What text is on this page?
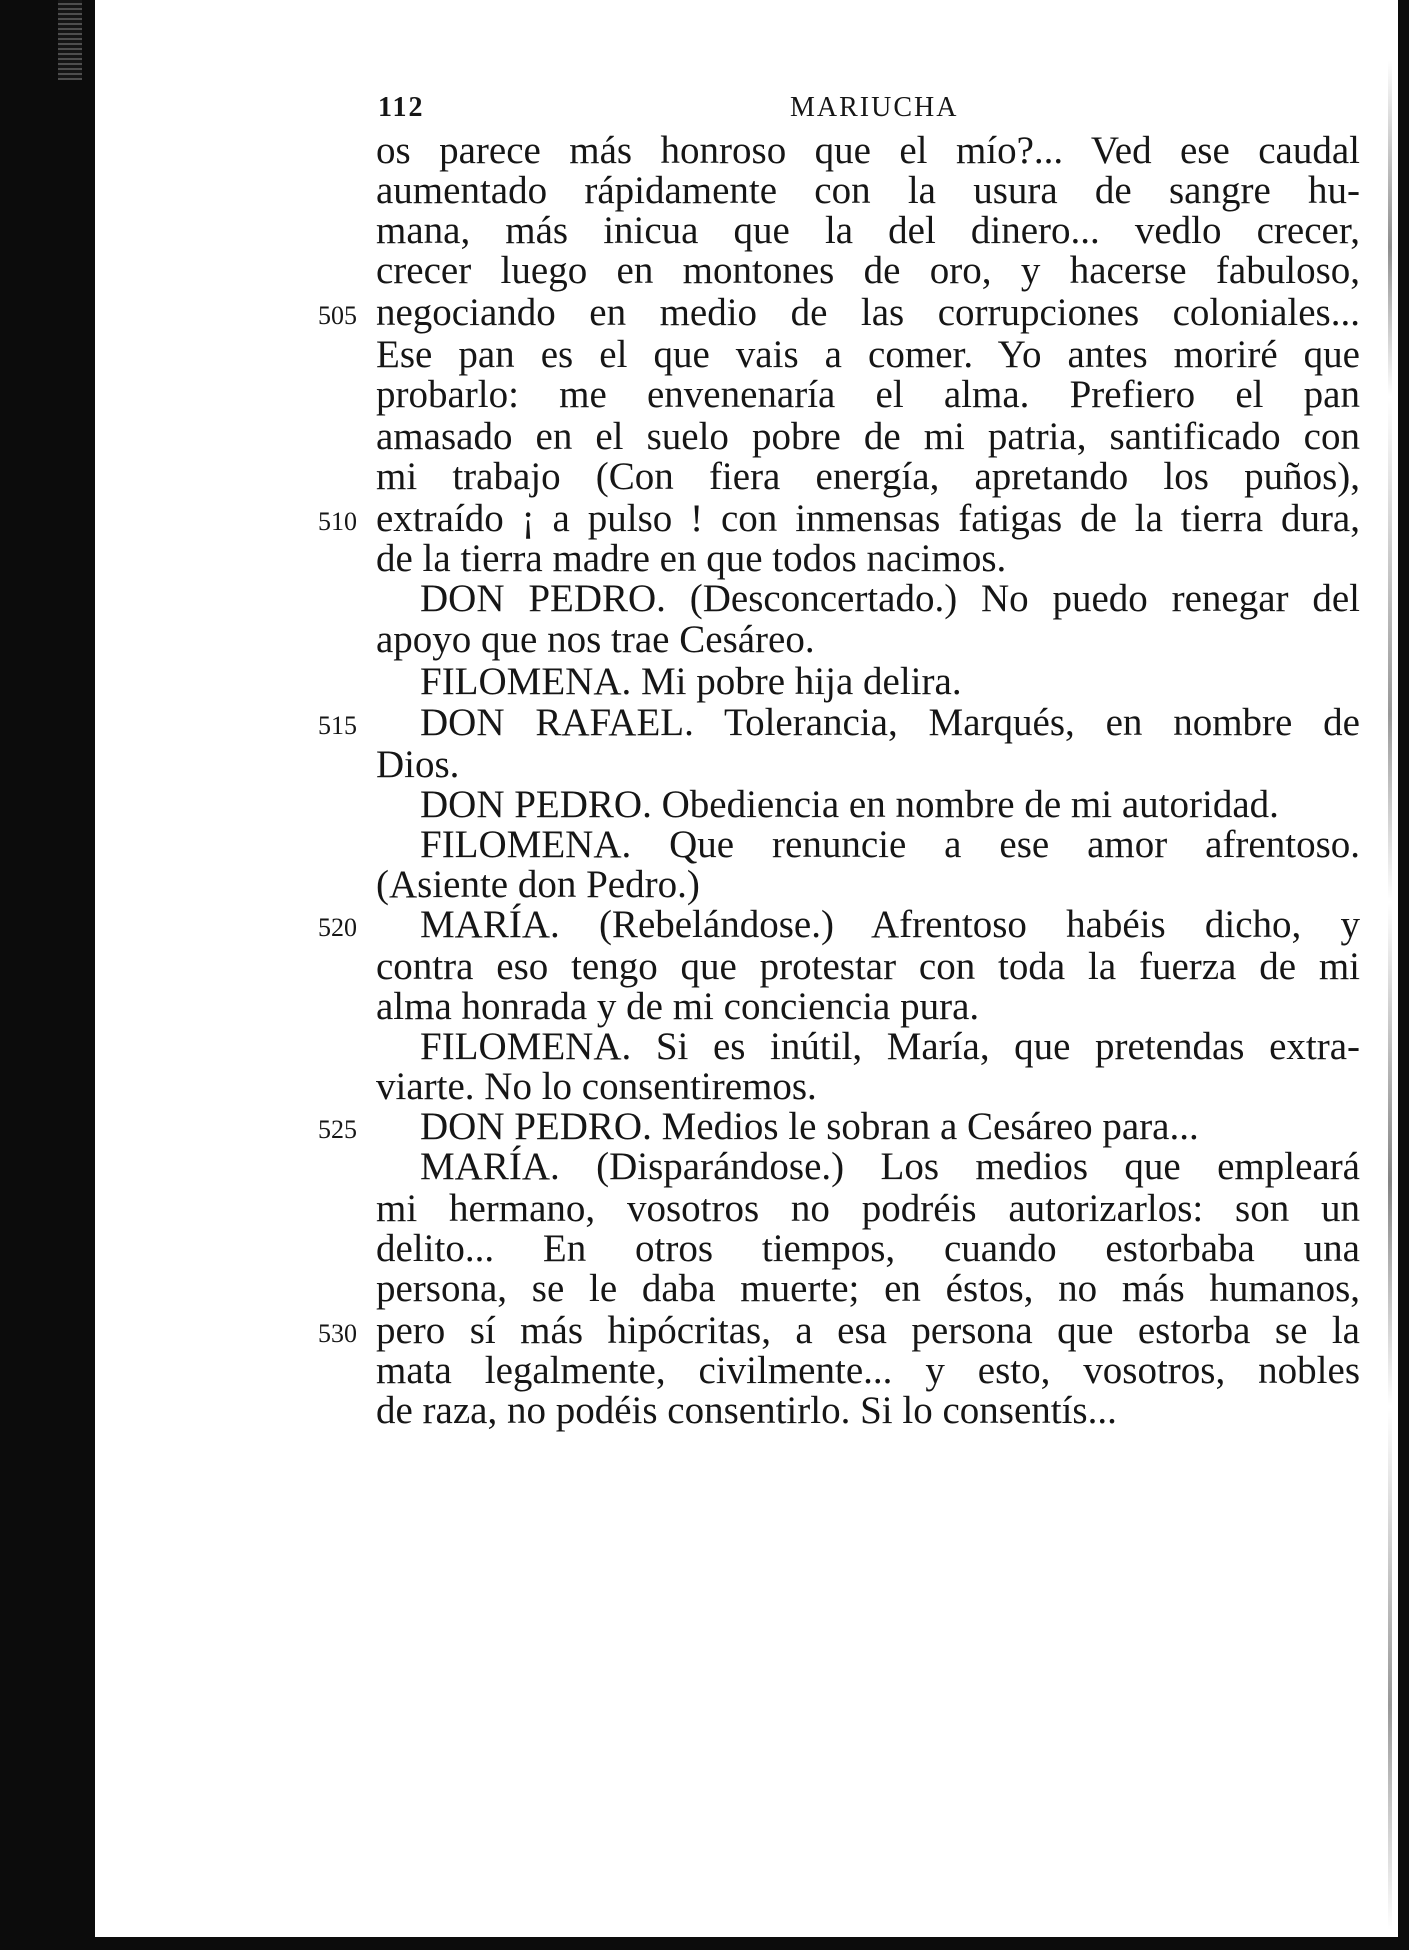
112	MARIUCHA
os parece más honroso que el mío?... Ved ese caudal
aumentado rápidamente con la usura de sangre hu-
mana, más inicua que la del dinero... vedlo crecer,
crecer luego en montones de oro, y hacerse fabuloso,
negociando en medio de las corrupciones coloniales...
Ese pan es el que vais a comer. Yo antes moriré que
probarlo: me envenenaría el alma. Prefiero el pan
amasado en el suelo pobre de mi patria, santificado con
mi trabajo (Con fiera energía, apretando los puños),
extraído ¡ a pulso ! con inmensas fatigas de la tierra dura,
de la tierra madre en que todos nacimos.
DON PEDRO. (Desconcertado.) No puedo renegar del
apoyo que nos trae Cesáreo.
FILOMENA. Mi pobre hija delira.
DON RAFAEL. Tolerancia, Marqués, en nombre de
Dios.
DON PEDRO. Obediencia en nombre de mi autoridad.
FILOMENA. Que renuncie a ese amor afrentoso.
(Asiente don Pedro.)
MARÍA. (Rebelándose.) Afrentoso habéis dicho, y
contra eso tengo que protestar con toda la fuerza de mi
alma honrada y de mi conciencia pura.
FILOMENA. Si es inútil, María, que pretendas extra-
viarte. No lo consentiremos.
DON PEDRO. Medios le sobran a Cesáreo para...
MARÍA. (Disparándose.) Los medios que empleará
mi hermano, vosotros no podréis autorizarlos: son un
delito... En otros tiempos, cuando estorbaba una
persona, se le daba muerte; en éstos, no más humanos,
pero sí más hipócritas, a esa persona que estorba se la
mata legalmente, civilmente... y esto, vosotros, nobles
de raza, no podéis consentirlo. Si lo consentís...
505
510
515
520
525
530
